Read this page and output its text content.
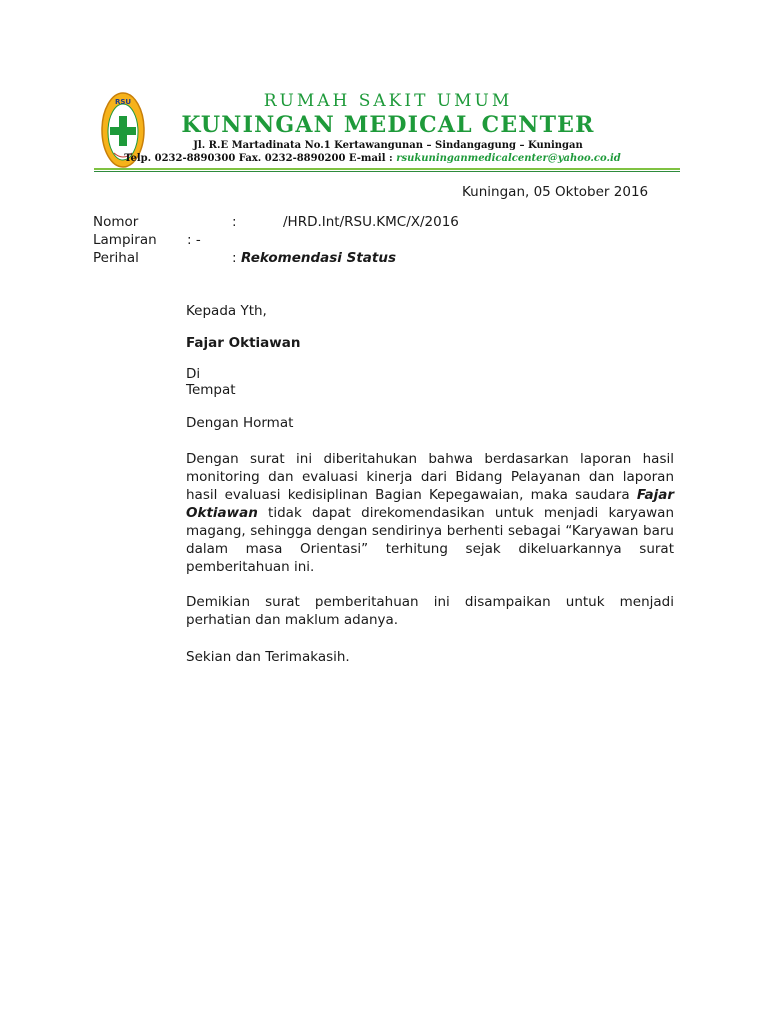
RSU	RUMAH SAKIT UMUM
KUNINGAN MEDICAL CENTER
Jl. R.E Martadinata No.1 Kertawangunan – Sindangagung – Kuningan
Telp. 0232-8890300 Fax. 0232-8890200 E-mail : rsukuninganmedicalcenter@yahoo.co.id
Kuningan, 05 Oktober 2016
Nomor	:	/HRD.Int/RSU.KMC/X/2016
Lampiran : -
Perihal	: Rekomendasi Status
Kepada Yth,
Fajar Oktiawan
Di
Tempat
Dengan Hormat
Dengan surat ini diberitahukan bahwa berdasarkan laporan hasil monitoring dan evaluasi kinerja dari Bidang Pelayanan dan laporan hasil evaluasi kedisiplinan Bagian Kepegawaian, maka saudara Fajar Oktiawan tidak dapat direkomendasikan untuk menjadi karyawan magang, sehingga dengan sendirinya berhenti sebagai “Karyawan baru dalam masa Orientasi” terhitung sejak dikeluarkannya surat pemberitahuan ini.
Demikian surat pemberitahuan ini disampaikan untuk menjadi perhatian dan maklum adanya.
Sekian dan Terimakasih.
